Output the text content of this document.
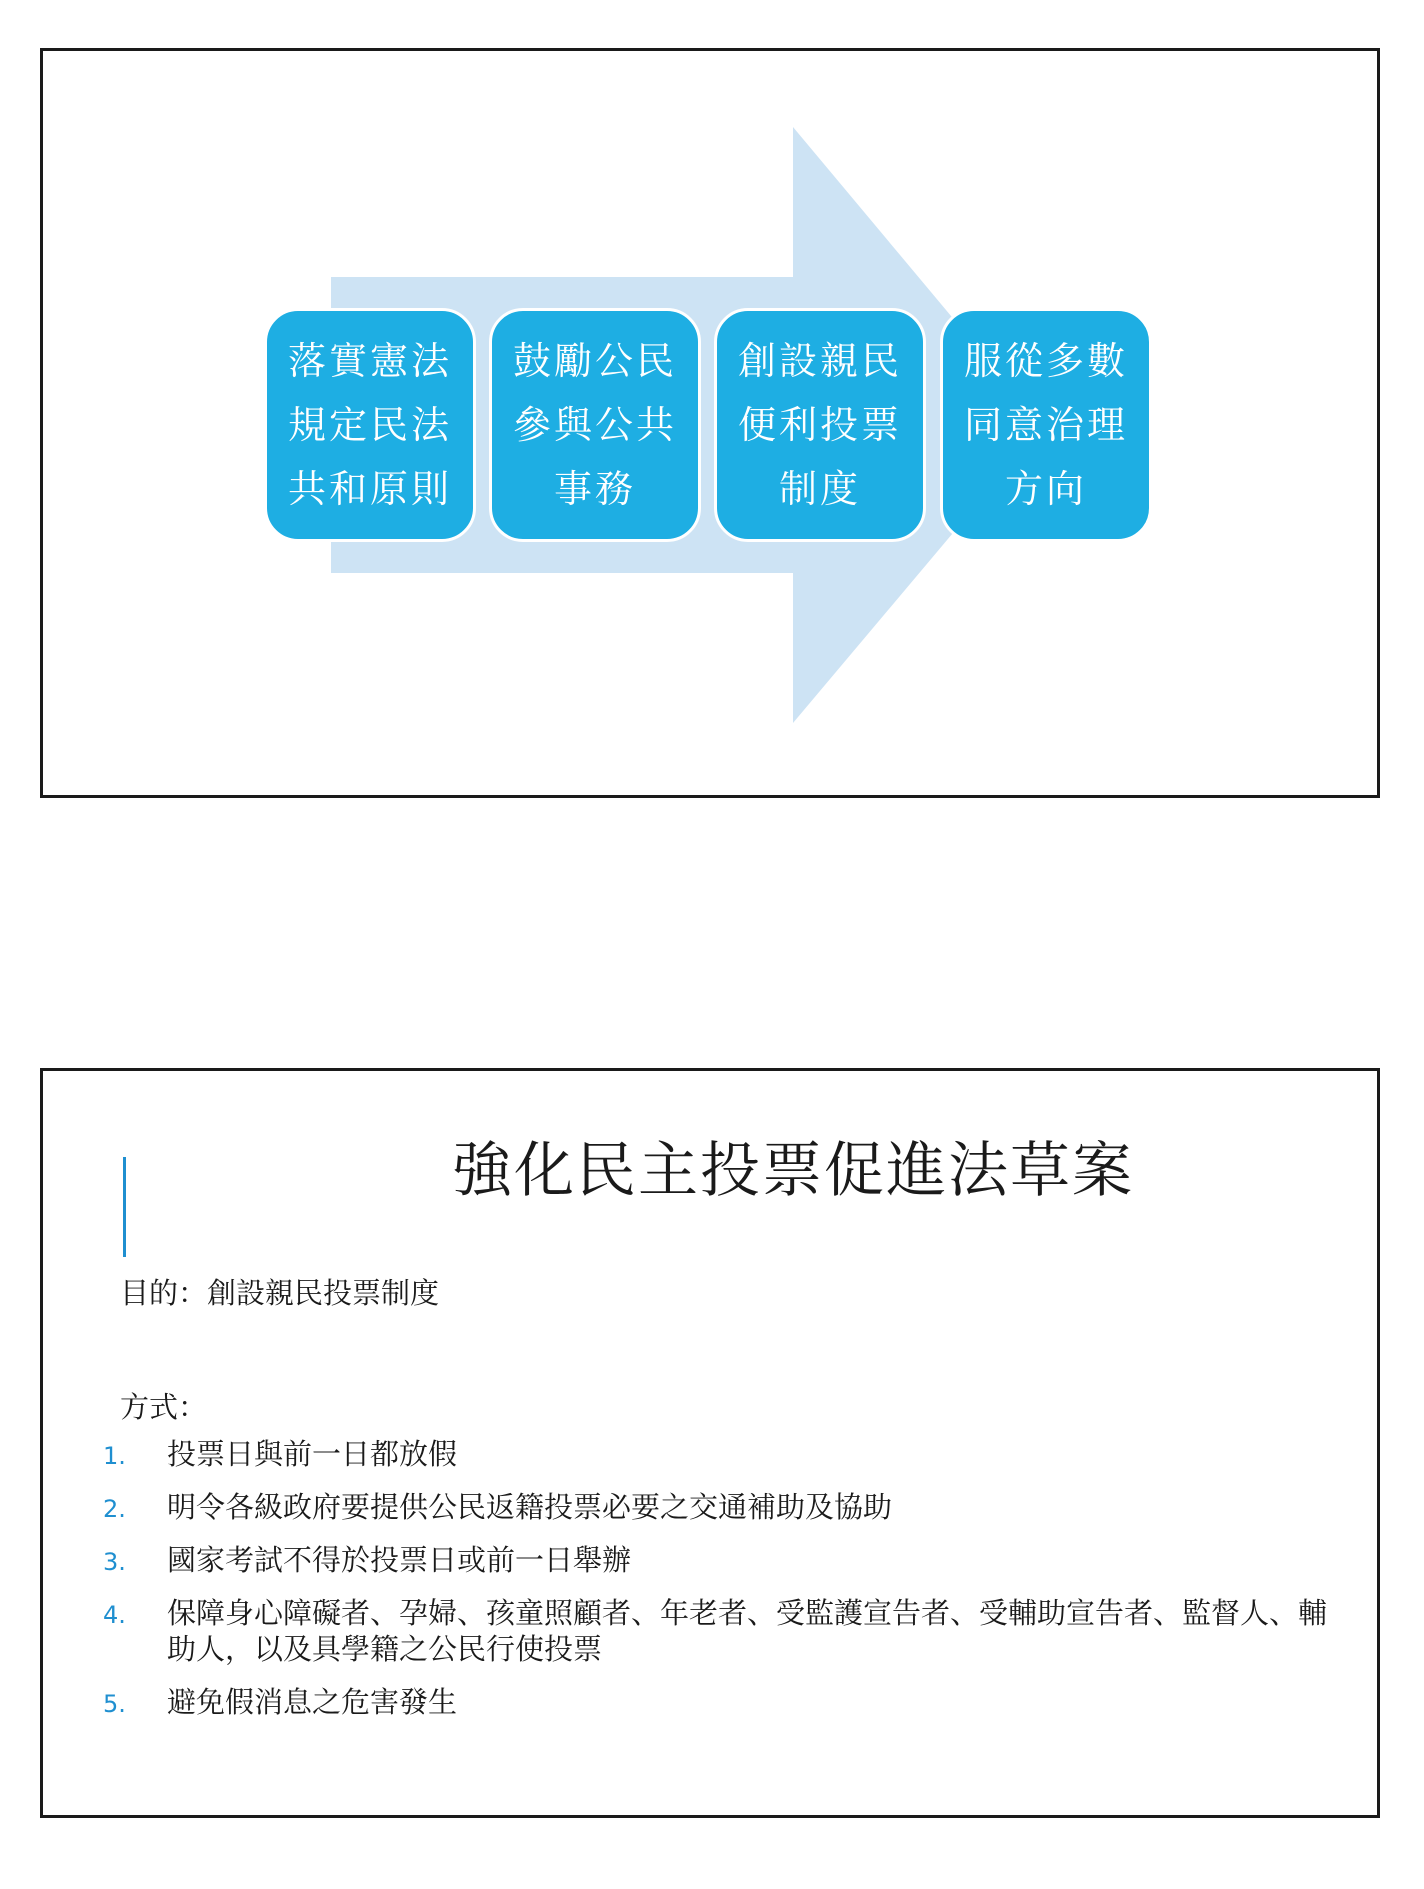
落實憲法
規定民法
共和原則
鼓勵公民
參與公共
事務
創設親民
便利投票
制度
服從多數
同意治理
方向
強化民主投票促進法草案
目的：創設親民投票制度
方式：
1.	投票日與前一日都放假
2.	明令各級政府要提供公民返籍投票必要之交通補助及協助
3.	國家考試不得於投票日或前一日舉辦
4.	保障身心障礙者、孕婦、孩童照顧者、年老者、受監護宣告者、受輔助宣告者、監督人、輔助人，以及具學籍之公民行使投票
5.	避免假消息之危害發生
